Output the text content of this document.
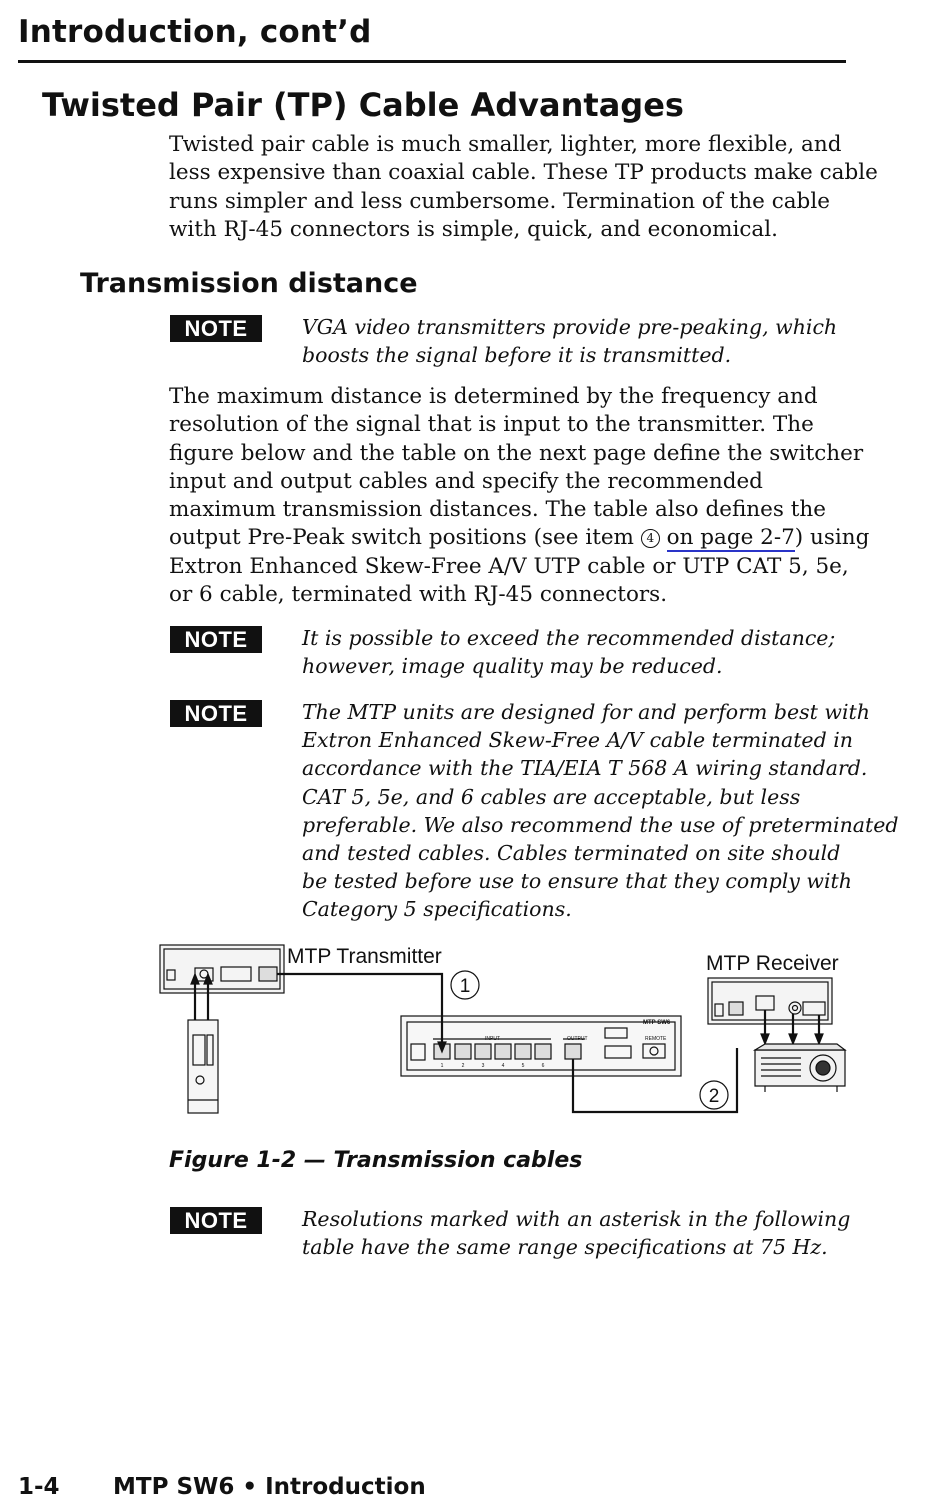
Introduction, cont’d
Twisted Pair (TP) Cable Advantages
Twisted pair cable is much smaller, lighter, more flexible, and
less expensive than coaxial cable. These TP products make cable
runs simpler and less cumbersome. Termination of the cable
with RJ-45 connectors is simple, quick, and economical.
Transmission distance
NOTE	VGA video transmitters provide pre-peaking, which
boosts the signal before it is transmitted.
The maximum distance is determined by the frequency and
resolution of the signal that is input to the transmitter. The
figure below and the table on the next page define the switcher
input and output cables and specify the recommended
maximum transmission distances. The table also defines the
output Pre-Peak switch positions (see item 4 on page 2-7) using
Extron Enhanced Skew-Free A/V UTP cable or UTP CAT 5, 5e,
or 6 cable, terminated with RJ-45 connectors.
NOTE	It is possible to exceed the recommended distance;
however, image quality may be reduced.
NOTE	The MTP units are designed for and perform best with
Extron Enhanced Skew-Free A/V cable terminated in
accordance with the TIA/EIA T 568 A wiring standard.
CAT 5, 5e, and 6 cables are acceptable, but less
preferable. We also recommend the use of preterminated
and tested cables. Cables terminated on site should
be tested before use to ensure that they comply with
Category 5 specifications.
MTP Transmitter	MTP Receiver
1
2
MTP SW6
INPUT	OUTPUT	REMOTE
1	2	3	4	5	6
Figure 1-2 — Transmission cables
NOTE	Resolutions marked with an asterisk in the following
table have the same range specifications at 75 Hz.
1-4 MTP SW6 • Introduction
